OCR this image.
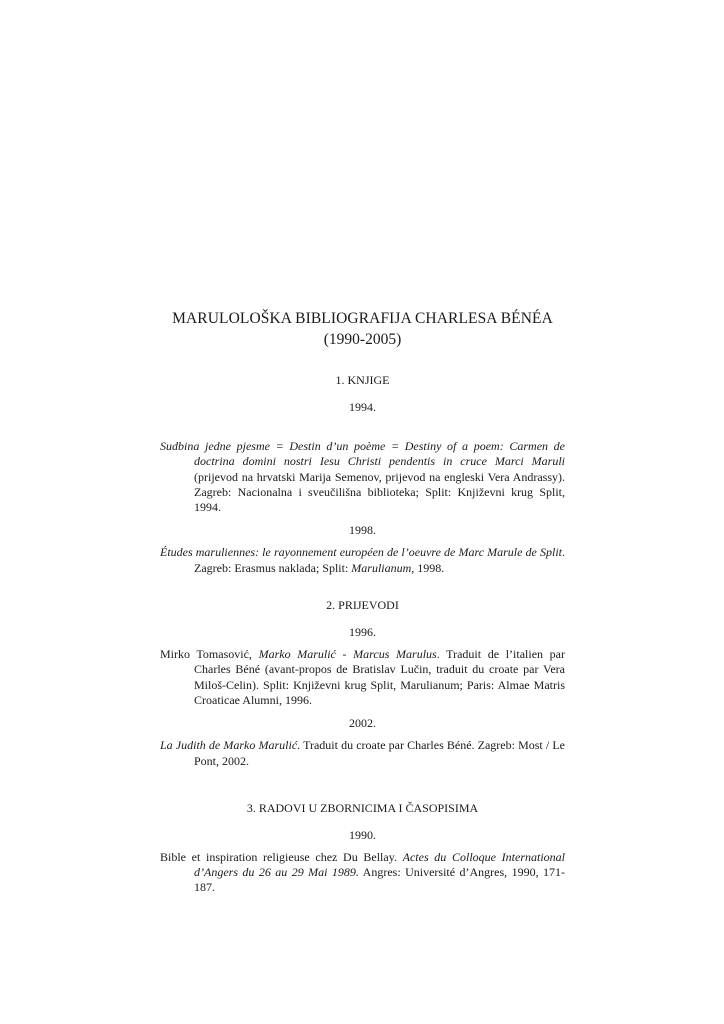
MARULOLOŠKA BIBLIOGRAFIJA CHARLESA BÉNÉA
(1990-2005)
1. KNJIGE
1994.

Sudbina jedne pjesme = Destin d’un poème = Destiny of a poem: Carmen de doctrina domini nostri Iesu Christi pendentis in cruce Marci Maruli (prijevod na hrvatski Marija Semenov, prijevod na engleski Vera Andrassy). Zagreb: Nacionalna i sveučilišna biblioteka; Split: Književni krug Split, 1994.

1998.

Études maruliennes: le rayonnement européen de l’oeuvre de Marc Marule de Split. Zagreb: Erasmus naklada; Split: Marulianum, 1998.

2. PRIJEVODI
1996.

Mirko Tomasović, Marko Marulić - Marcus Marulus. Traduit de l’italien par Charles Béné (avant-propos de Bratislav Lučin, traduit du croate par Vera Miloš-Celin). Split: Književni krug Split, Marulianum; Paris: Almae Matris Croaticae Alumni, 1996.

2002.

La Judith de Marko Marulić. Traduit du croate par Charles Béné. Zagreb: Most / Le Pont, 2002.

3. RADOVI U ZBORNICIMA I ČASOPISIMA
1990.

Bible et inspiration religieuse chez Du Bellay. Actes du Colloque International d’Angers du 26 au 29 Mai 1989. Angres: Université d’Angres, 1990, 171-187.
